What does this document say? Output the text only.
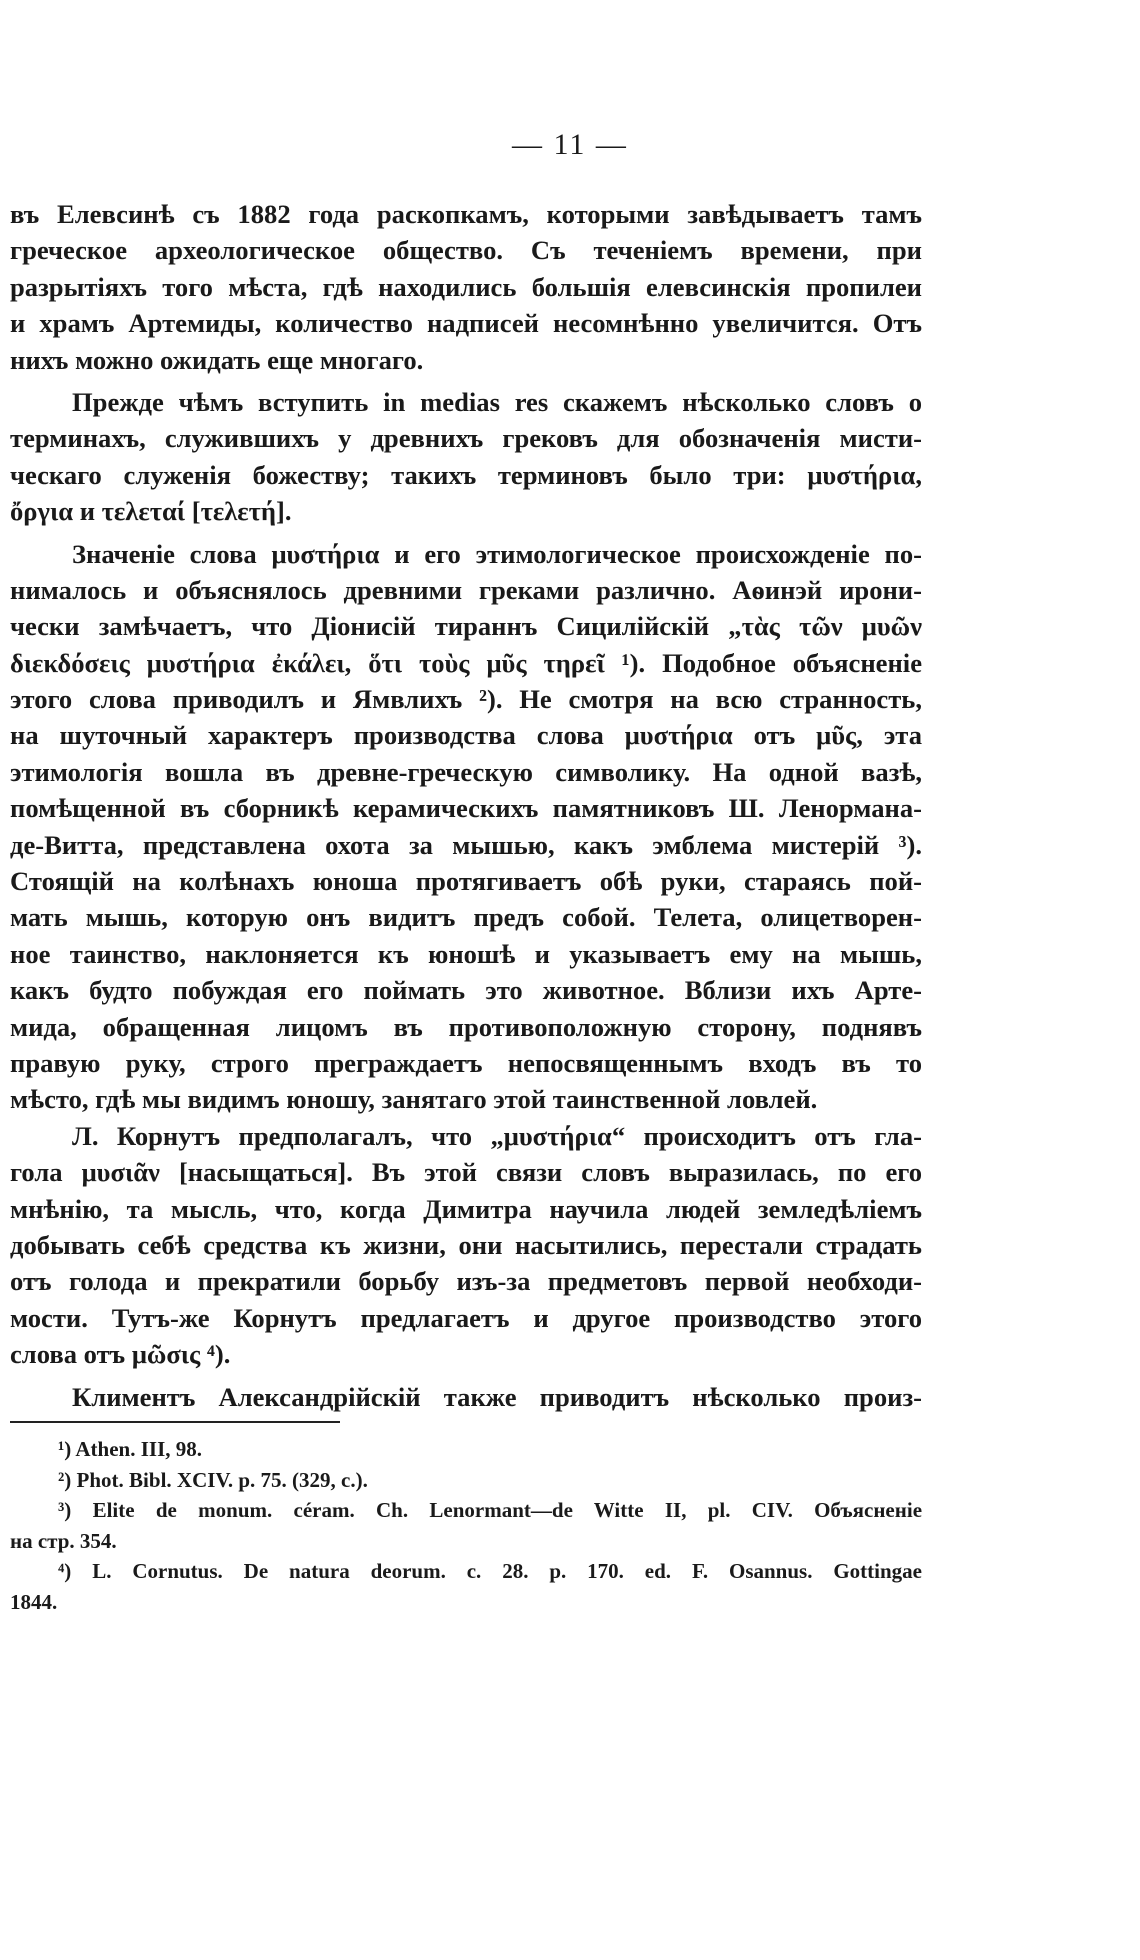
— 11 —
въ Елевсинѣ съ 1882 года раскопкамъ, которыми завѣдываетъ тамъ
греческое археологическое общество. Съ теченіемъ времени, при
разрытіяхъ того мѣста, гдѣ находились большія елевсинскія пропилеи
и храмъ Артемиды, количество надписей несомнѣнно увеличится. Отъ
нихъ можно ожидать еще многаго.
Прежде чѣмъ вступить in medias res скажемъ нѣсколько словъ о
терминахъ, служившихъ у древнихъ грековъ для обозначенія мисти-
ческаго служенія божеству; такихъ терминовъ было три: μυστήρια,
ὄργια и τελεταί [τελετή].
Значеніе слова μυστήρια и его этимологическое происхожденіе по-
нималось и объяснялось древними греками различно. Аѳинэй ирони-
чески замѣчаетъ, что Діонисій тираннъ Сицилійскій „τὰς τῶν μυῶν
διεκδόσεις μυστήρια ἐκάλει, ὅτι τοὺς μῦς τηρεῖ ¹). Подобное объясненіе
этого слова приводилъ и Ямвлихъ ²). Не смотря на всю странность,
на шуточный характеръ производства слова μυστήρια отъ μῦς, эта
этимологія вошла въ древне-греческую символику. На одной вазѣ,
помѣщенной въ сборникѣ керамическихъ памятниковъ Ш. Ленормана-
де-Витта, представлена охота за мышью, какъ эмблема мистерій ³).
Стоящій на колѣнахъ юноша протягиваетъ обѣ руки, стараясь пой-
мать мышь, которую онъ видитъ предъ собой. Телета, олицетворен-
ное таинство, наклоняется къ юношѣ и указываетъ ему на мышь,
какъ будто побуждая его поймать это животное. Вблизи ихъ Арте-
мида, обращенная лицомъ въ противоположную сторону, поднявъ
правую руку, строго преграждаетъ непосвященнымъ входъ въ то
мѣсто, гдѣ мы видимъ юношу, занятаго этой таинственной ловлей.
Л. Корнутъ предполагалъ, что „μυστήρια“ происходитъ отъ гла-
гола μυσιᾶν [насыщаться]. Въ этой связи словъ выразилась, по его
мнѣнію, та мысль, что, когда Димитра научила людей земледѣліемъ
добывать себѣ средства къ жизни, они насытились, перестали страдать
отъ голода и прекратили борьбу изъ-за предметовъ первой необходи-
мости. Тутъ-же Корнутъ предлагаетъ и другое производство этого
слова отъ μῶσις ⁴).
Климентъ Александрійскій также приводитъ нѣсколько произ-
¹) Athen. III, 98.
²) Phot. Bibl. XCIV. p. 75. (329, c.).
³) Elite de monum. céram. Ch. Lenormant—de Witte II, pl. CIV. Объясненіе
на стр. 354.
⁴) L. Cornutus. De natura deorum. c. 28. p. 170. ed. F. Osannus. Gottingae
1844.
